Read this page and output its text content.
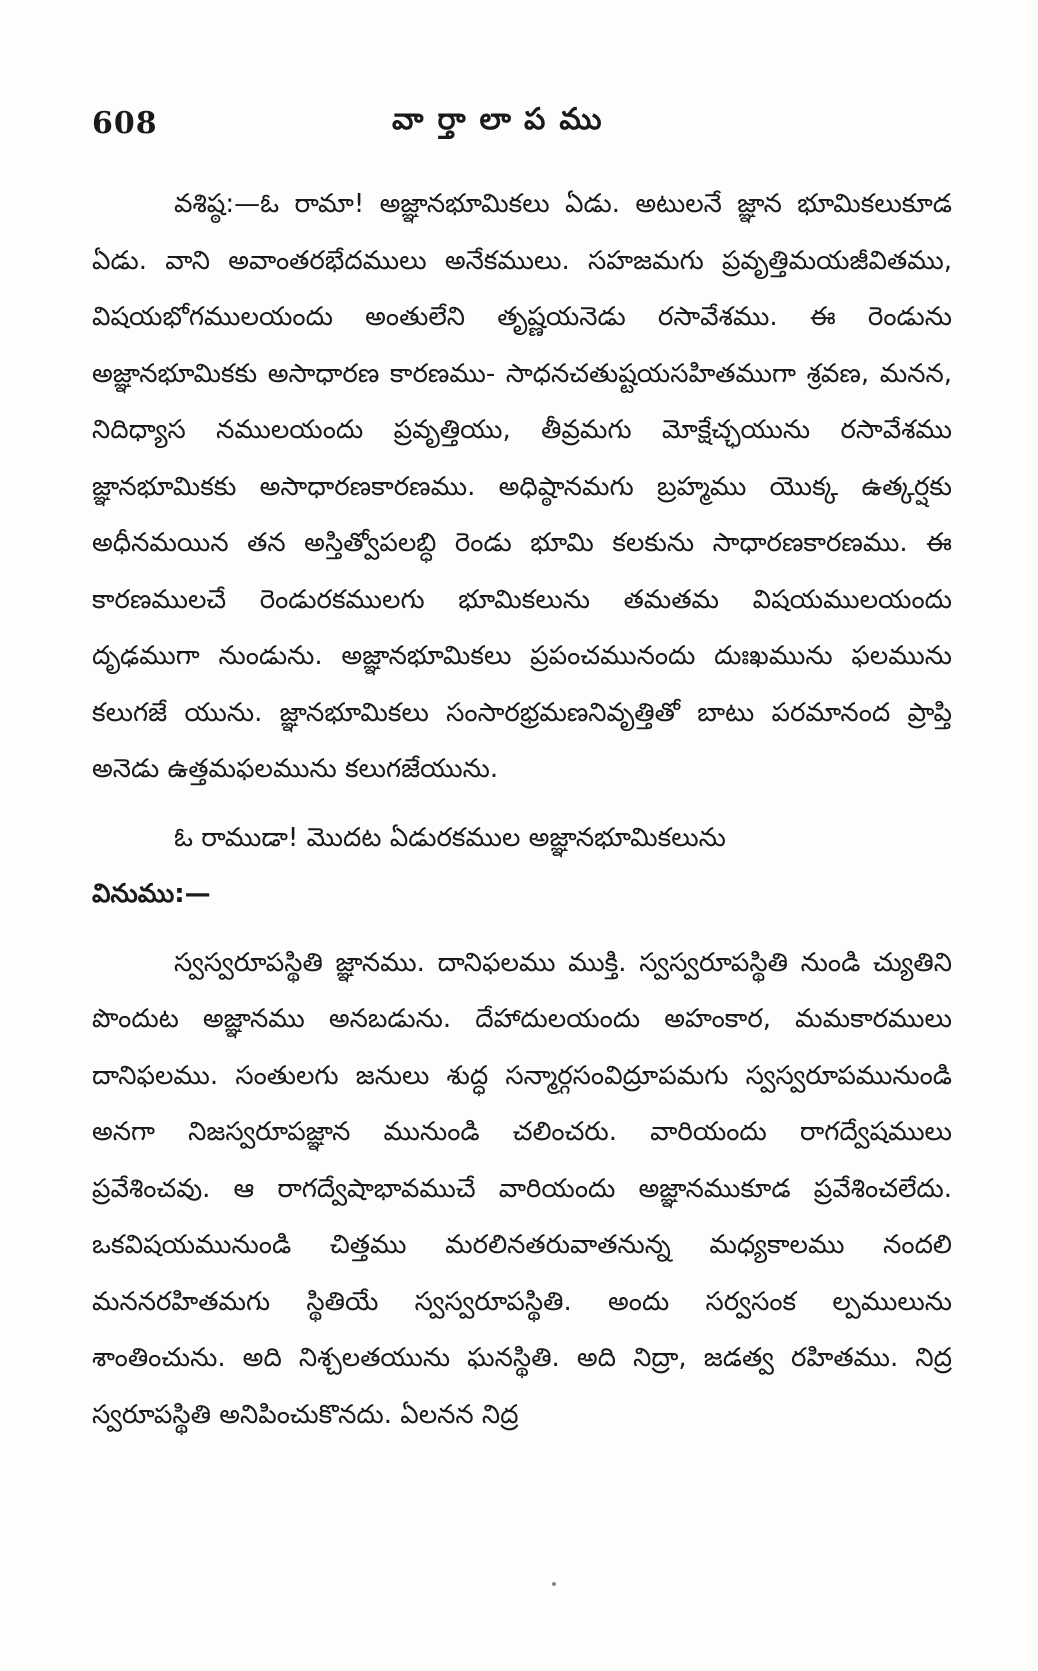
608	వార్తాలాపము

వశిష్ఠ:—ఓ రామా! అజ్ఞానభూమికలు ఏడు. అటులనే జ్ఞాన భూమికలుకూడ ఏడు. వాని అవాంతరభేదములు అనేకములు. సహజమగు ప్రవృత్తిమయజీవితము, విషయభోగములయందు అంతులేని తృష్ణయనెడు రసావేశము. ఈ రెండును అజ్ఞానభూమికకు అసాధారణ కారణము- సాధనచతుష్టయసహితముగా శ్రవణ, మనన, నిదిధ్యాస నములయందు ప్రవృత్తియు, తీవ్రమగు మోక్షేచ్ఛయును రసావేశము జ్ఞానభూమికకు అసాధారణకారణము. అధిష్ఠానమగు బ్రహ్మము యొక్క ఉత్కర్షకు అధీనమయిన తన అస్తిత్వోపలబ్ధి రెండు భూమి కలకును సాధారణకారణము. ఈ కారణములచే రెండురకములగు భూమికలును తమతమ విషయములయందు దృఢముగా నుండును. అజ్ఞానభూమికలు ప్రపంచమునందు దుఃఖమును ఫలమును కలుగజే యును. జ్ఞానభూమికలు సంసారభ్రమణనివృత్తితో బాటు పరమానంద ప్రాప్తి అనెడు ఉత్తమఫలమును కలుగజేయును.

ఓ రాముడా! మొదట ఏడురకముల అజ్ఞానభూమికలును

వినుము:—

స్వస్వరూపస్థితి జ్ఞానము. దానిఫలము ముక్తి. స్వస్వరూపస్థితి నుండి చ్యుతిని పొందుట అజ్ఞానము అనబడును. దేహాదులయందు అహంకార, మమకారములు దానిఫలము. సంతులగు జనులు శుద్ధ సన్మార్గసంవిద్రూపమగు స్వస్వరూపమునుండి అనగా నిజస్వరూపజ్ఞాన మునుండి చలించరు. వారియందు రాగద్వేషములు ప్రవేశించవు. ఆ రాగద్వేషాభావముచే వారియందు అజ్ఞానముకూడ ప్రవేశించలేదు. ఒకవిషయమునుండి చిత్తము మరలినతరువాతనున్న మధ్యకాలము నందలి మననరహితమగు స్థితియే స్వస్వరూపస్థితి. అందు సర్వసంక ల్పములును శాంతించును. అది నిశ్చలతయును ఘనస్థితి. అది నిద్రా, జడత్వ రహితము. నిద్ర స్వరూపస్థితి అనిపించుకొనదు. ఏలనన నిద్ర
